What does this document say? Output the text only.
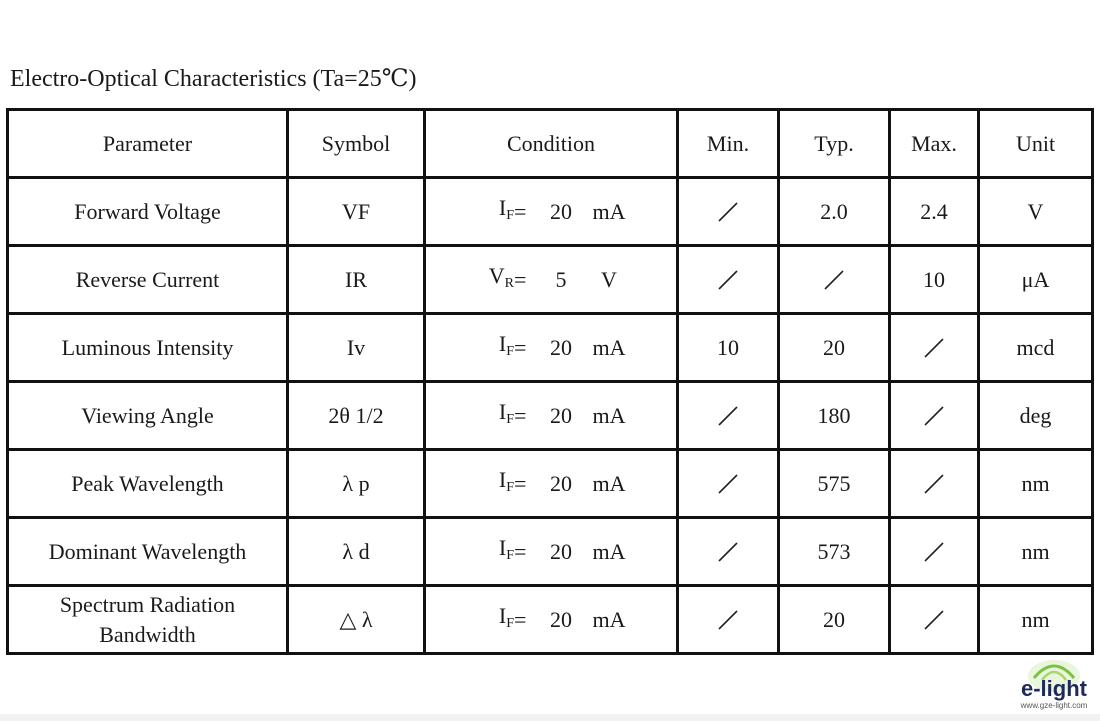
Electro-Optical Characteristics (Ta=25℃)
Parameter	Symbol	Condition	Min.	Typ.	Max.	Unit
Forward Voltage	VF	$I_F = 20$ mA		2.0	2.4	V
Reverse Current	IR	$V_R = 5$ V			10	μA
Luminous Intensity	Iv	$I_F = 20$ mA	10	20		mcd
Viewing Angle	2θ 1/2	$I_F = 20$ mA		180		deg
Peak Wavelength	λ p	$I_F = 20$ mA		575		nm
Dominant Wavelength	λ d	$I_F = 20$ mA		573		nm
Spectrum Radiation Bandwidth	△ λ	$I_F = 20$ mA		20		nm
e-light
www.gze-light.com
